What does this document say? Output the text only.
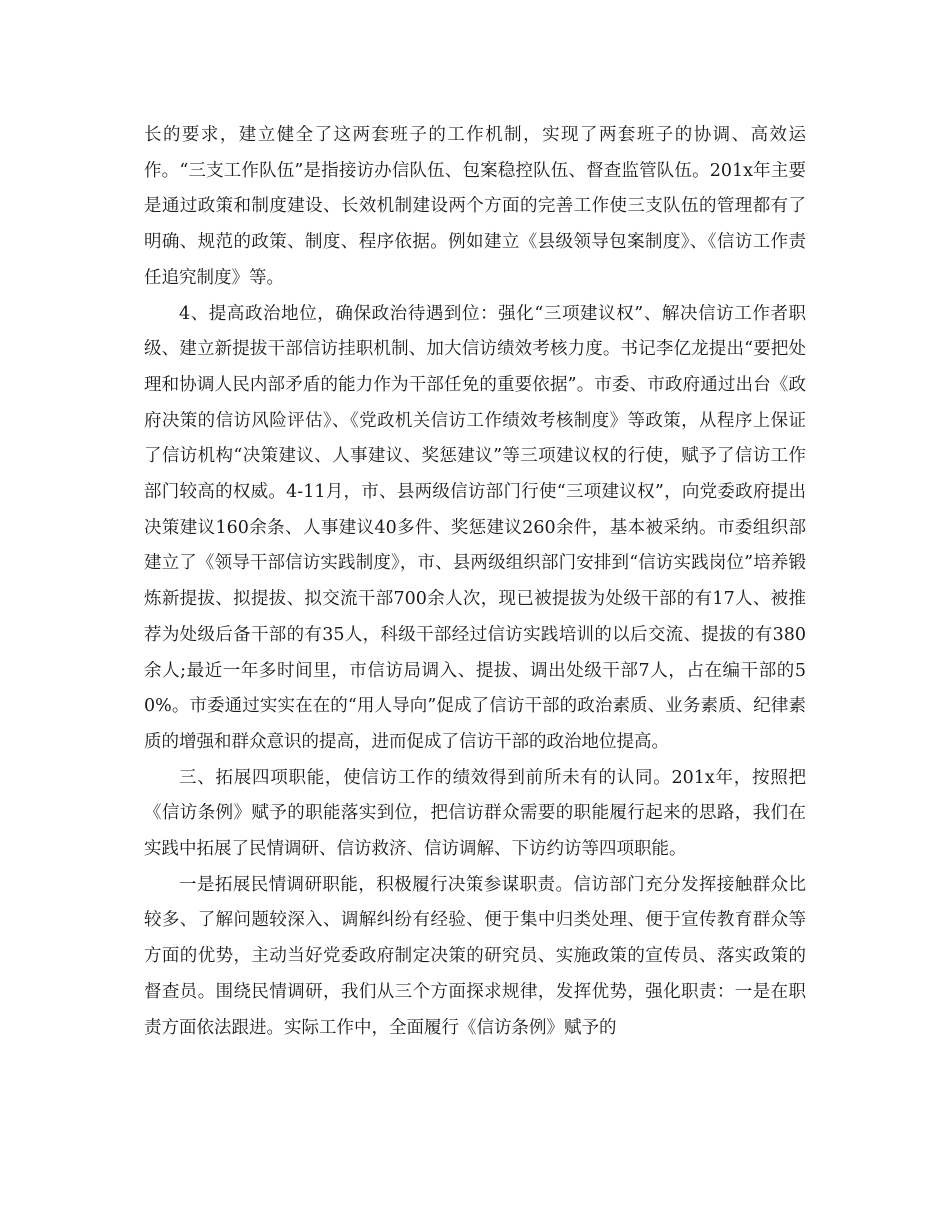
长的要求，建立健全了这两套班子的工作机制，实现了两套班子的协调、高效运作。“三支工作队伍”是指接访办信队伍、包案稳控队伍、督查监管队伍。201x年主要是通过政策和制度建设、长效机制建设两个方面的完善工作使三支队伍的管理都有了明确、规范的政策、制度、程序依据。例如建立《县级领导包案制度》、《信访工作责任追究制度》等。

4、提高政治地位，确保政治待遇到位：强化“三项建议权”、解决信访工作者职级、建立新提拔干部信访挂职机制、加大信访绩效考核力度。书记李亿龙提出“要把处理和协调人民内部矛盾的能力作为干部任免的重要依据”。市委、市政府通过出台《政府决策的信访风险评估》、《党政机关信访工作绩效考核制度》等政策，从程序上保证了信访机构“决策建议、人事建议、奖惩建议”等三项建议权的行使，赋予了信访工作部门较高的权威。4-11月，市、县两级信访部门行使“三项建议权”，向党委政府提出决策建议160余条、人事建议40多件、奖惩建议260余件，基本被采纳。市委组织部建立了《领导干部信访实践制度》，市、县两级组织部门安排到“信访实践岗位”培养锻炼新提拔、拟提拔、拟交流干部700余人次，现已被提拔为处级干部的有17人、被推荐为处级后备干部的有35人，科级干部经过信访实践培训的以后交流、提拔的有380余人;最近一年多时间里，市信访局调入、提拔、调出处级干部7人，占在编干部的50%。市委通过实实在在的“用人导向”促成了信访干部的政治素质、业务素质、纪律素质的增强和群众意识的提高，进而促成了信访干部的政治地位提高。

三、拓展四项职能，使信访工作的绩效得到前所未有的认同。201x年，按照把《信访条例》赋予的职能落实到位，把信访群众需要的职能履行起来的思路，我们在实践中拓展了民情调研、信访救济、信访调解、下访约访等四项职能。

一是拓展民情调研职能，积极履行决策参谋职责。信访部门充分发挥接触群众比较多、了解问题较深入、调解纠纷有经验、便于集中归类处理、便于宣传教育群众等方面的优势，主动当好党委政府制定决策的研究员、实施政策的宣传员、落实政策的督查员。围绕民情调研，我们从三个方面探求规律，发挥优势，强化职责：一是在职责方面依法跟进。实际工作中，全面履行《信访条例》赋予的
